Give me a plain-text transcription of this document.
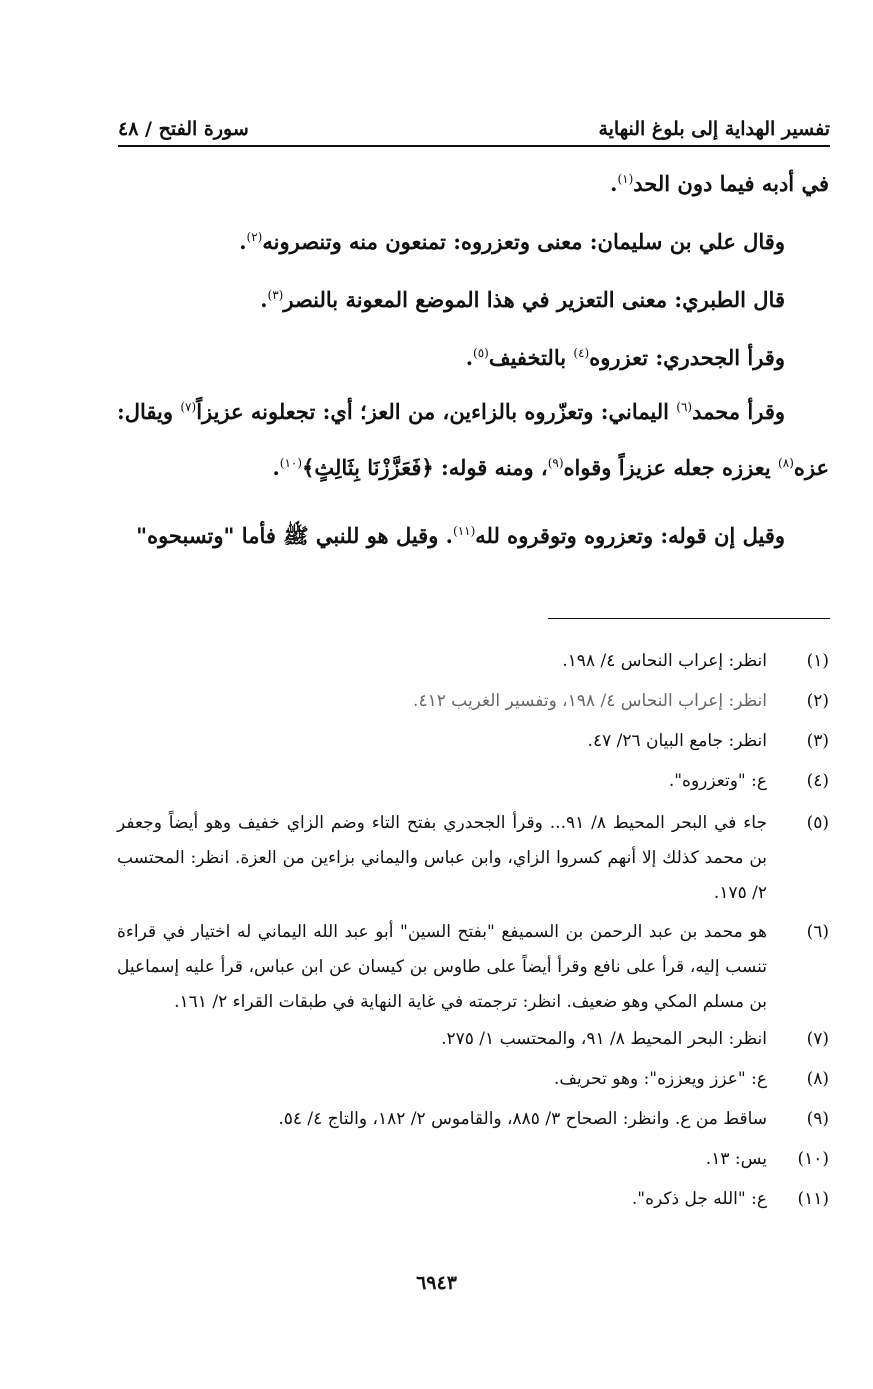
تفسير الهداية إلى بلوغ النهاية
سورة الفتح / ٤٨

في أدبه فيما دون الحد$^{(١)}$.

وقال علي بن سليمان: معنى وتعزروه: تمنعون منه وتنصرونه$^{(٢)}$.

قال الطبري: معنى التعزير في هذا الموضع المعونة بالنصر$^{(٣)}$.

وقرأ الجحدري: تعزروه$^{(٤)}$ بالتخفيف$^{(٥)}$.

وقرأ محمد$^{(٦)}$ اليماني: وتعزّروه بالزاءين، من العز؛ أي: تجعلونه عزيزاً$^{(٧)}$ ويقال: عزه$^{(٨)}$ يعززه جعله عزيزاً وقواه$^{(٩)}$، ومنه قوله: ﴿فَعَزَّزْنَا بِثَالِثٍ﴾$^{(١٠)}$.

وقيل إن قوله: وتعزروه وتوقروه لله$^{(١١)}$. وقيل هو للنبي ﷺ فأما "وتسبحوه"

(١)
انظر: إعراب النحاس ٤/ ١٩٨.
(٢)
انظر: إعراب النحاس ٤/ ١٩٨، وتفسير الغريب ٤١٢.
(٣)
انظر: جامع البيان ٢٦/ ٤٧.
(٤)
ع: "وتعزروه".
(٥)
جاء في البحر المحيط ٨/ ٩١... وقرأ الجحدري بفتح التاء وضم الزاي خفيف وهو أيضاً وجعفر بن محمد كذلك إلا أنهم كسروا الزاي، وابن عباس واليماني بزاءين من العزة. انظر: المحتسب ٢/ ١٧٥.
(٦)
هو محمد بن عبد الرحمن بن السميفع "بفتح السين" أبو عبد الله اليماني له اختيار في قراءة تنسب إليه، قرأ على نافع وقرأ أيضاً على طاوس بن كيسان عن ابن عباس، قرأ عليه إسماعيل بن مسلم المكي وهو ضعيف. انظر: ترجمته في غاية النهاية في طبقات القراء ٢/ ١٦١.
(٧)
انظر: البحر المحيط ٨/ ٩١، والمحتسب ١/ ٢٧٥.
(٨)
ع: "عزز ويعززه": وهو تحريف.
(٩)
ساقط من ع. وانظر: الصحاح ٣/ ٨٨٥، والقاموس ٢/ ١٨٢، والتاج ٤/ ٥٤.
(١٠)
يس: ١٣.
(١١)
ع: "الله جل ذكره".
٦٩٤٣
